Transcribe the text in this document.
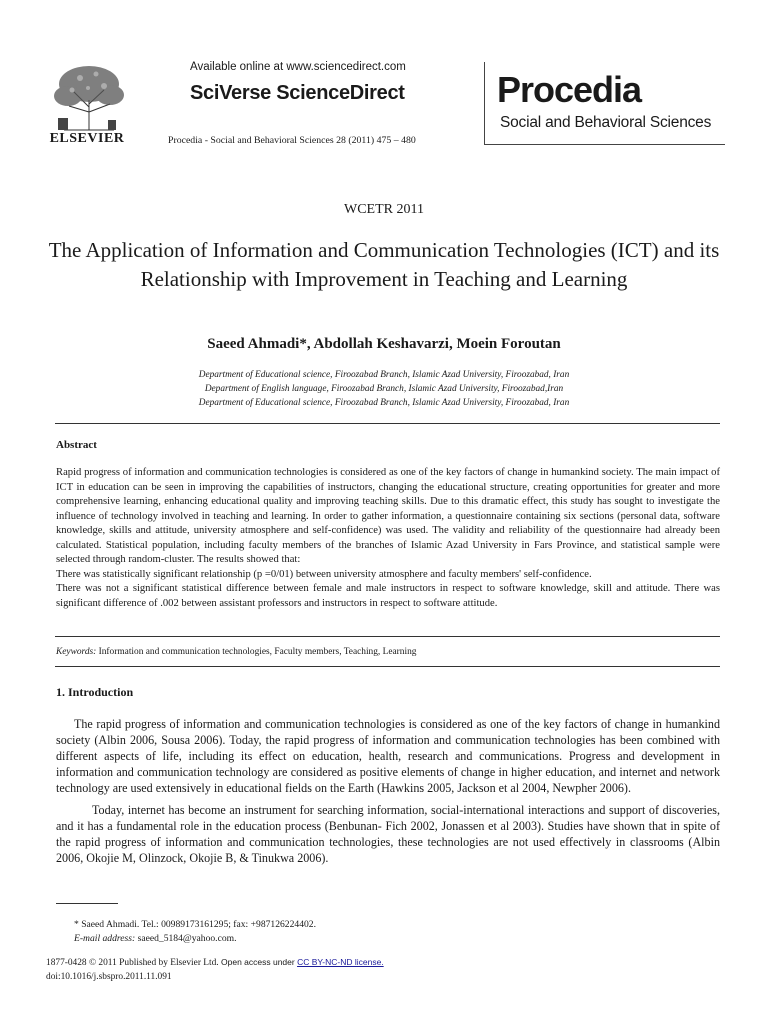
ELSEVIER
Available online at www.sciencedirect.com
SciVerse ScienceDirect
Procedia - Social and Behavioral Sciences 28 (2011) 475 – 480
Procedia
Social and Behavioral Sciences
WCETR 2011
The Application of Information and Communication Technologies (ICT) and its Relationship with Improvement in Teaching and Learning
Saeed Ahmadi*, Abdollah Keshavarzi, Moein Foroutan
Department of Educational science, Firoozabad Branch, Islamic Azad University, Firoozabad, Iran
Department of English language, Firoozabad Branch, Islamic Azad University, Firoozabad,Iran
Department of Educational science, Firoozabad Branch, Islamic Azad University, Firoozabad, Iran
Abstract

Rapid progress of information and communication technologies is considered as one of the key factors of change in humankind society. The main impact of ICT in education can be seen in improving the capabilities of instructors, changing the educational structure, creating opportunities for greater and more comprehensive learning, enhancing educational quality and improving teaching skills. Due to this dramatic effect, this study has sought to investigate the influence of technology involved in teaching and learning. In order to gather information, a questionnaire containing six sections (personal data, software knowledge, skills and attitude, university atmosphere and self-confidence) was used. The validity and reliability of the questionnaire had already been calculated. Statistical population, including faculty members of the branches of Islamic Azad University in Fars Province, and statistical sample were selected through random-cluster. The results showed that:

There was statistically significant relationship (p =0/01) between university atmosphere and faculty members' self-confidence.

There was not a significant statistical difference between female and male instructors in respect to software knowledge, skill and attitude. There was significant difference of .002 between assistant professors and instructors in respect to software attitude.

Keywords: Information and communication technologies, Faculty members, Teaching, Learning
1. Introduction

The rapid progress of information and communication technologies is considered as one of the key factors of change in humankind society (Albin 2006, Sousa 2006). Today, the rapid progress of information and communication technologies has been combined with different aspects of life, including its effect on education, health, research and communications. Progress and development in information and communication technology are considered as positive elements of change in higher education, and internet and network technology are used extensively in educational fields on the Earth (Hawkins 2005, Jackson et al 2004, Newpher 2006).

Today, internet has become an instrument for searching information, social-international interactions and support of discoveries, and it has a fundamental role in the education process (Benbunan- Fich 2002, Jonassen et al 2003). Studies have shown that in spite of the rapid progress of information and communication technologies, these technologies are not used effectively in classrooms (Albin 2006, Okojie M, Olinzock, Okojie B, & Tinukwa 2006).

* Saeed Ahmadi. Tel.: 00989173161295; fax: +987126224402.
E-mail address: saeed_5184@yahoo.com.
1877-0428 © 2011 Published by Elsevier Ltd. Open access under CC BY-NC-ND license.
doi:10.1016/j.sbspro.2011.11.091
